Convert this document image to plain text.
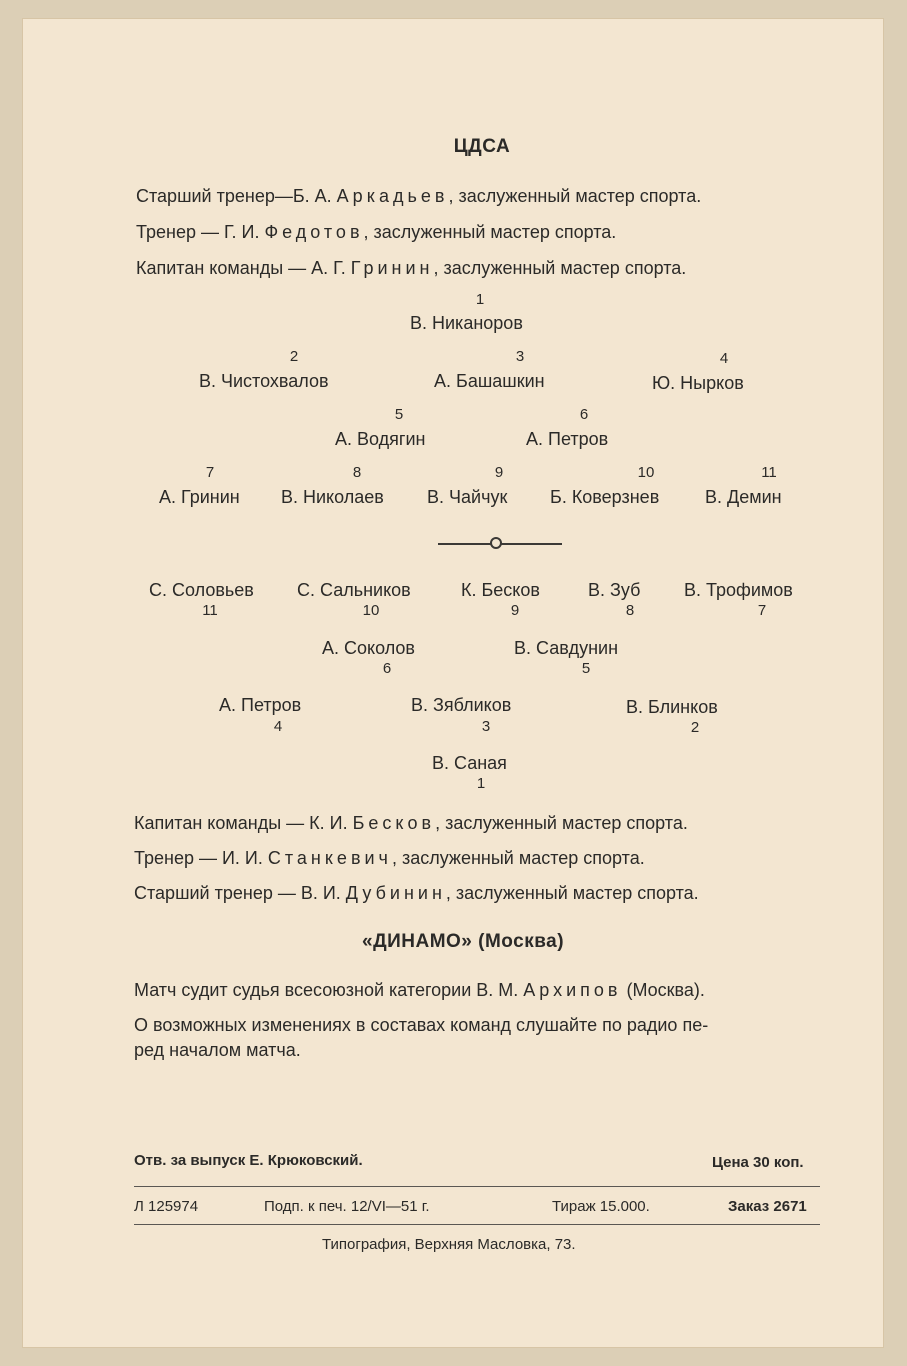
ЦДСА
Старший тренер—Б. А. Аркадьев, заслуженный мастер спорта.
Тренер — Г. И. Федотов, заслуженный мастер спорта.
Капитан команды — А. Г. Гринин, заслуженный мастер спорта.
1
В. Никаноров
2
В. Чистохвалов
3
А. Башашкин
4
Ю. Нырков
5
А. Водягин
6
А. Петров
7
А. Гринин
8
В. Николаев
9
В. Чайчук
10
Б. Коверзнев
11
В. Демин
С. Соловьев
11
С. Сальников
10
К. Бесков
9
В. Зуб
8
В. Трофимов
7
А. Соколов
6
В. Савдунин
5
А. Петров
4
В. Зябликов
3
В. Блинков
2
В. Саная
1
Капитан команды — К. И. Бесков, заслуженный мастер спорта.
Тренер — И. И. Станкевич, заслуженный мастер спорта.
Старший тренер — В. И. Дубинин, заслуженный мастер спорта.
«ДИНАМО» (Москва)
Матч судит судья всесоюзной категории В. М. Архипов (Москва).
О возможных изменениях в составах команд слушайте по радио пе-
ред началом матча.
Отв. за выпуск Е. Крюковский.	Цена 30 коп.
Л 125974	Подп. к печ. 12/VI—51 г.	Тираж 15.000.	Заказ 2671
Типография, Верхняя Масловка, 73.
